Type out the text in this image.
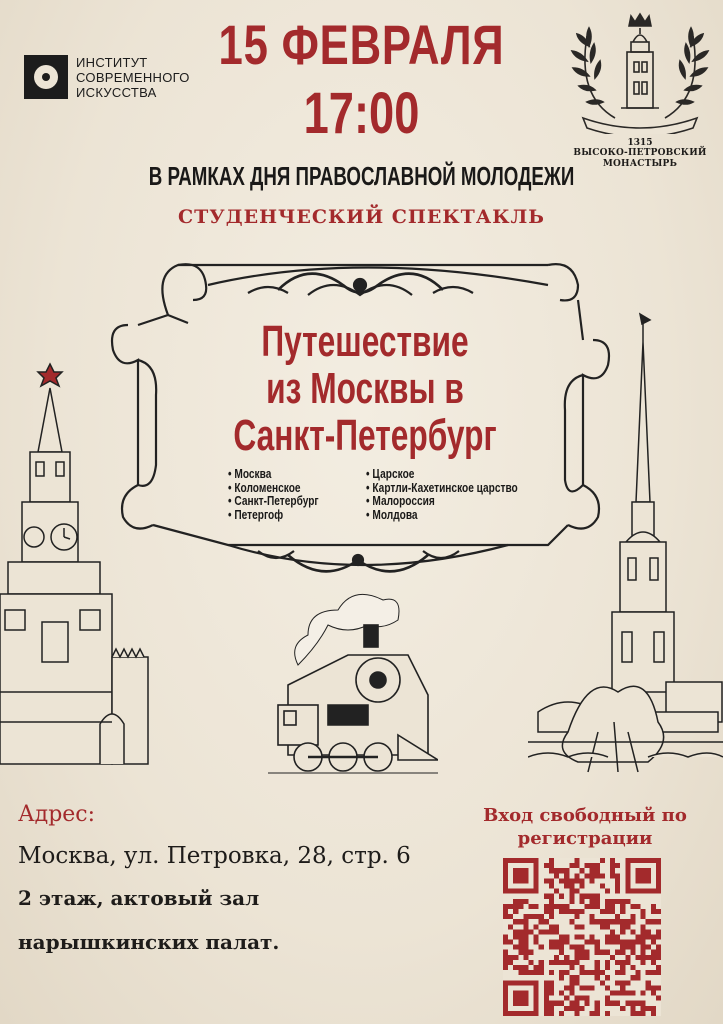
ИНСТИТУТ
СОВРЕМЕННОГО
ИСКУССТВА
15 ФЕВРАЛЯ
17:00
В РАМКАХ ДНЯ ПРАВОСЛАВНОЙ МОЛОДЕЖИ
СТУДЕНЧЕСКИЙ СПЕКТАКЛЬ
1315
ВЫСОКО-ПЕТРОВСКИЙ
МОНАСТЫРЬ
Путешествие
из Москвы в
Санкт-Петербург
• Москва
• Коломенское
• Санкт-Петербург
• Петергоф
• Царское
• Картли-Кахетинское царство
• Малороссия
• Молдова
Адрес:
Москва, ул. Петровка, 28, стр. 6
2 этаж, актовый зал
нарышкинских палат.
Вход свободный по
регистрации
